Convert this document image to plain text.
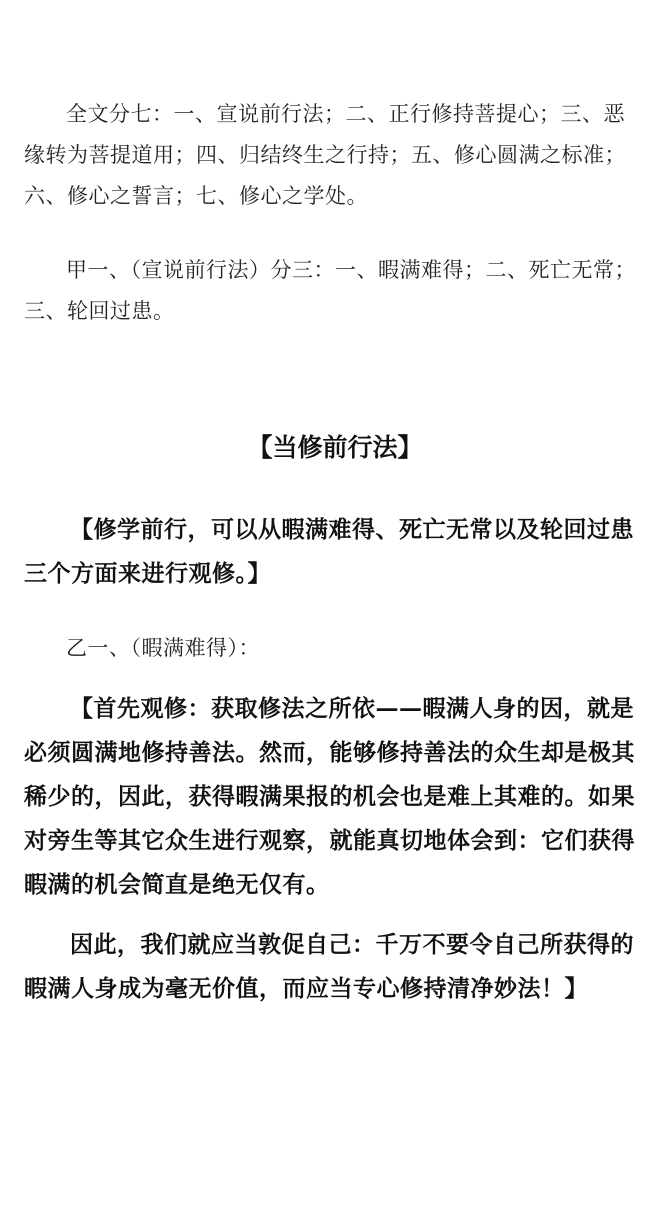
全文分七：一、宣说前行法；二、正行修持菩提心；三、恶缘转为菩提道用；四、归结终生之行持；五、修心圆满之标准；六、修心之誓言；七、修心之学处。

甲一、（宣说前行法）分三：一、暇满难得；二、死亡无常；三、轮回过患。

【当修前行法】

【修学前行，可以从暇满难得、死亡无常以及轮回过患三个方面来进行观修。】

乙一、（暇满难得）：

【首先观修：获取修法之所依——暇满人身的因，就是必须圆满地修持善法。然而，能够修持善法的众生却是极其稀少的，因此，获得暇满果报的机会也是难上其难的。如果对旁生等其它众生进行观察，就能真切地体会到：它们获得暇满的机会简直是绝无仅有。

因此，我们就应当敦促自己：千万不要令自己所获得的暇满人身成为毫无价值，而应当专心修持清净妙法！】
